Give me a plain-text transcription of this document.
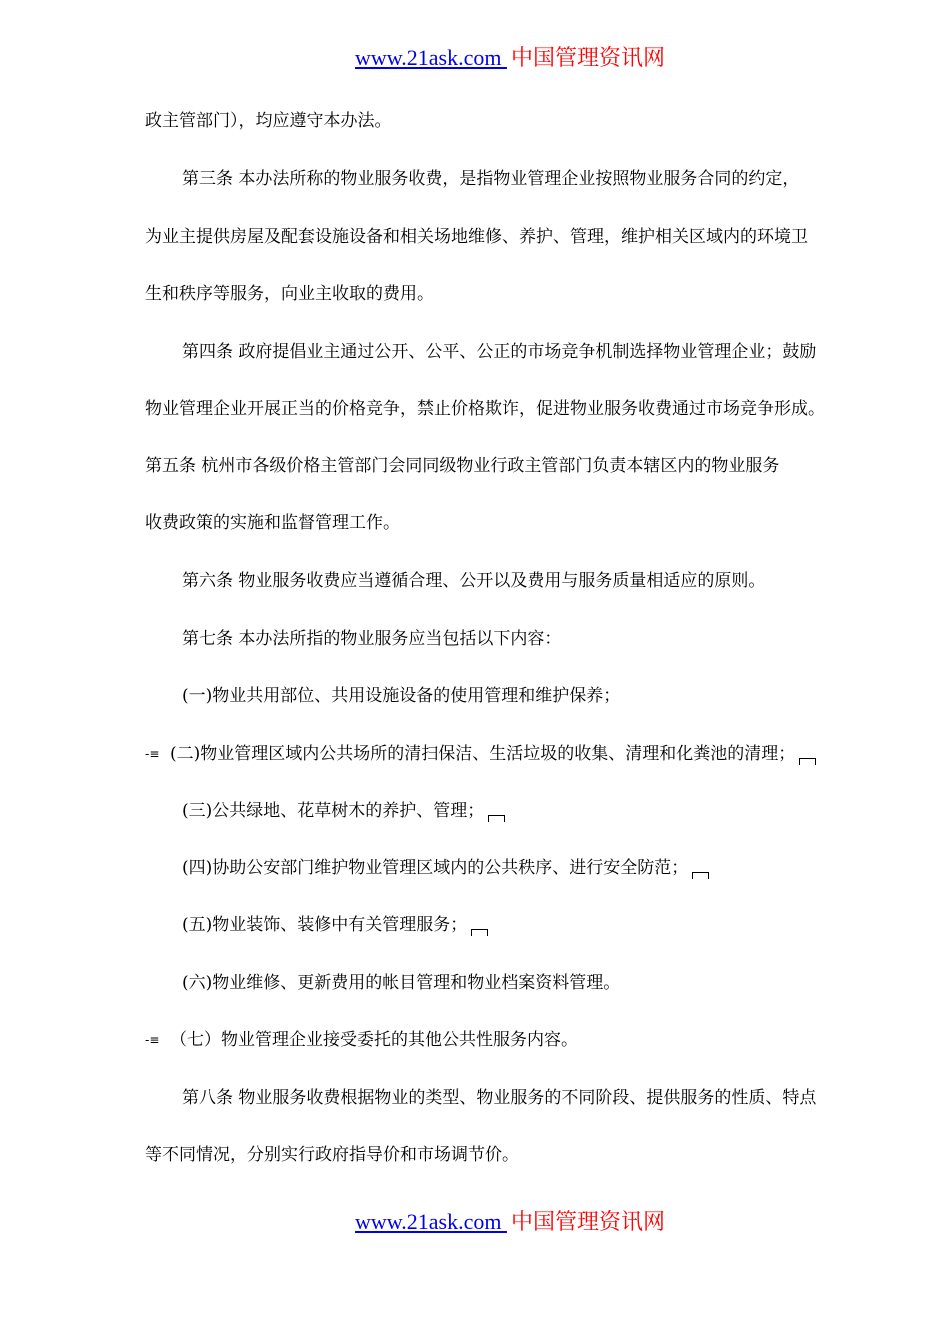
www.21ask.com 中国管理资讯网
政主管部门），均应遵守本办法。
第三条 本办法所称的物业服务收费，是指物业管理企业按照物业服务合同的约定，
为业主提供房屋及配套设施设备和相关场地维修、养护、管理，维护相关区域内的环境卫
生和秩序等服务，向业主收取的费用。
第四条 政府提倡业主通过公开、公平、公正的市场竞争机制选择物业管理企业；鼓励
物业管理企业开展正当的价格竞争，禁止价格欺诈，促进物业服务收费通过市场竞争形成。
第五条 杭州市各级价格主管部门会同同级物业行政主管部门负责本辖区内的物业服务
收费政策的实施和监督管理工作。
第六条 物业服务收费应当遵循合理、公开以及费用与服务质量相适应的原则。
第七条 本办法所指的物业服务应当包括以下内容：
(一)物业共用部位、共用设施设备的使用管理和维护保养；
-≡ (二)物业管理区域内公共场所的清扫保洁、生活垃圾的收集、清理和化粪池的清理；
(三)公共绿地、花草树木的养护、管理；
(四)协助公安部门维护物业管理区域内的公共秩序、进行安全防范；
(五)物业装饰、装修中有关管理服务；
(六)物业维修、更新费用的帐目管理和物业档案资料管理。
-≡ （七）物业管理企业接受委托的其他公共性服务内容。
第八条 物业服务收费根据物业的类型、物业服务的不同阶段、提供服务的性质、特点
等不同情况，分别实行政府指导价和市场调节价。
www.21ask.com 中国管理资讯网
